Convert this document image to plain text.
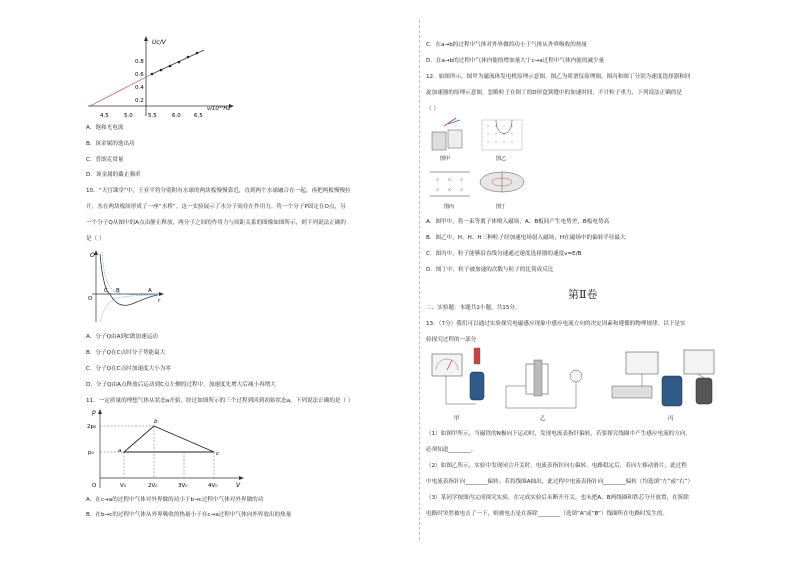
Uc/V
0.8
0.6
0.4
0.2
4.5	5.0	5.5	6.0 6.5
ν/10¹⁴Hz
A．饱和光电流
B．该金属的逸出功
C．普朗克常量
D．该金属的截止频率
10．“天宫课堂”中，王亚平将分别附有水球的两块板慢慢靠近，直到两个水球融合在一起，再把两板慢慢拉
开，水在两块板间形成了一座“水桥”。这一实验展示了水分子间存在作用力。将一个分子P固定在O点，另
一个分子Q从图中的A点由静止释放，两分子之间的作用力与间距关系的图像如图所示，则下列说法正确的
是（ ）
O
O
C B	A
r
A．分子Q由A到C做加速运动
B．分子Q在C点时分子势能最大
C．分子Q在C点时加速度大小为零
D．分子Q由A点释放后运动到C点左侧的过程中，加速度先增大后减小再增大
11．一定质量的理想气体从状态a开始，经过如图所示的三个过程到回到初始状态a，下列说法正确的是（ ）
2p₀
p₀
p
O	V₀	2V₀	3V₀	4V₀	V
a
b
c
A．在c→a的过程中气体对外界做的功小于b→c过程中气体对外界做的功
B．在b→c的过程中气体从外界吸收的热量小于在c→a过程中气体向外界放出的热量
C．在a→b的过程中气体对外界做的功小于气体从外界吸收的热量
D．在a→b的过程中气体内能的增加量大于c→a过程中气体内能的减少量
12．如图所示，图甲为磁流体发电机原理示意图，图乙为质谱仪原理图，图丙和图丁分别为速度选择器和回
旋加速器的原理示意图，忽略粒子在图丁的D形盒狭缝中的加速时间，不计粒子重力，下列说法正确的是
（ ）
图甲	图乙
图丙	图丁
A．图甲中，将一束等离子体喷入磁场，A、B板间产生电势差，B板电势高
B．图乙中，H、H、H三种粒子经加速电场射入磁场，H在磁场中的偏转半径最大
C．图丙中，粒子能够沿直线匀速通过速度选择器的速度v=E/B
D．图丁中，粒子被加速的次数与粒子的比荷成反比
第Ⅱ卷
二、实验题：本题共2小题，共15分。
13．（7分）我们可以通过实验探究电磁感应现象中感应电流方向的决定因素和遵循的物理规律。以下是实
验探究过程的一部分
甲	乙	丙
（1）如图甲所示，当磁铁的N极向下运动时，发现电流表指针偏转，若要探究线圈中产生感应电流的方向，
必须知道________。
（2）如图乙所示，实验中发现闭合开关时，电流表指针向右偏转，电路稳定后，若向左移动滑片，此过程
中电流表指针向________偏转；若将线圈A抽出，此过程中电流表指针向________偏转（均选填“左”或“右”）
（3）某同学按图丙完成探究实验，在完成实验后未断开开关，也未把A、B两线圈和铁芯分开放置，在拆除
电路时突然被电击了一下，则被电击是在拆除________（选填“A”或“B”）线圈所在电路时发生的。
